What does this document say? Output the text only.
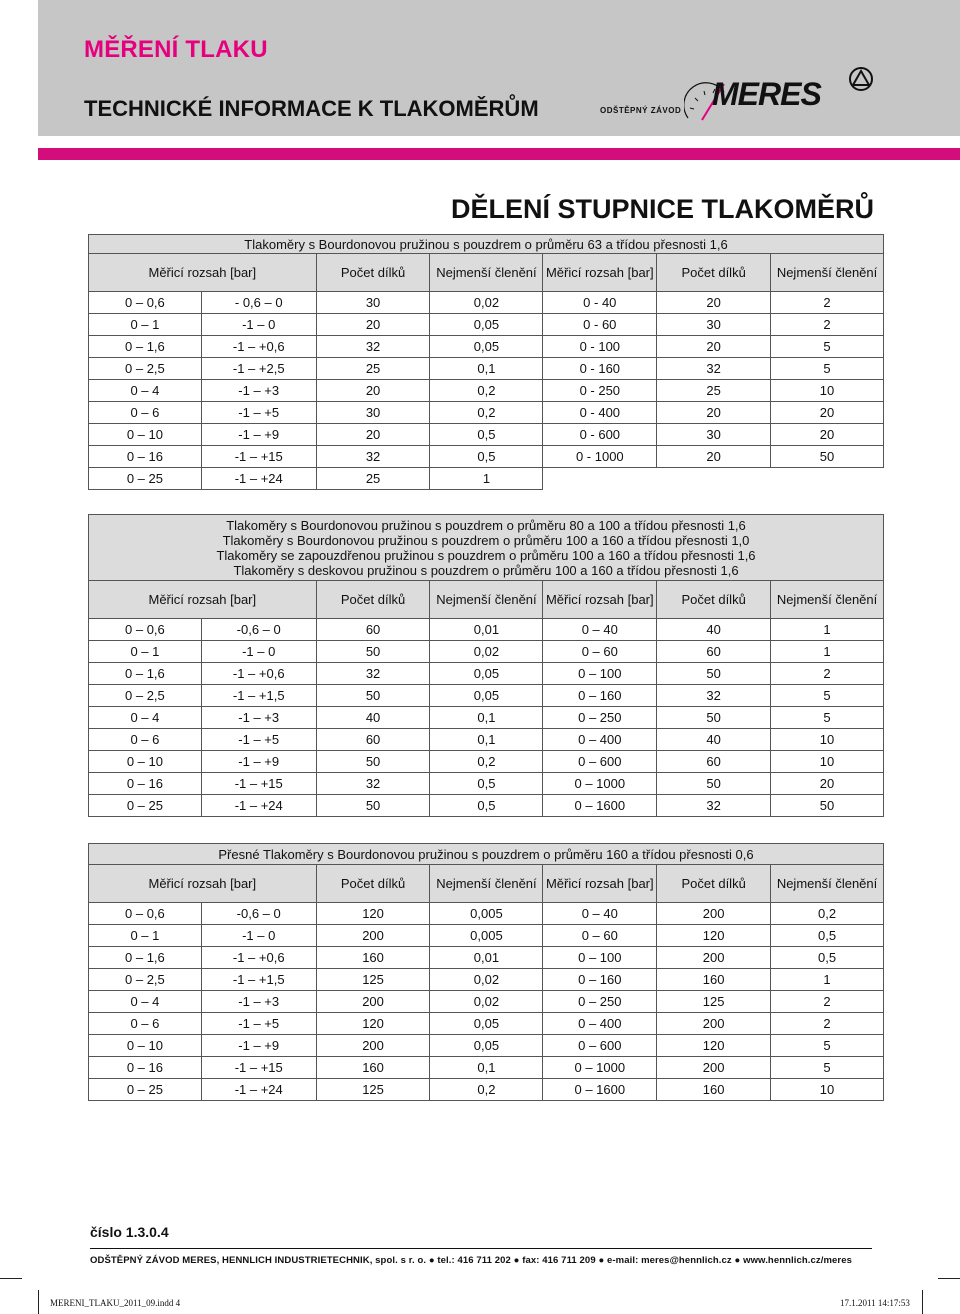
MĚŘENÍ TLAKU
TECHNICKÉ INFORMACE K TLAKOMĚRŮM	ODŠTĚPNÝ ZÁVOD MERES
DĚLENÍ STUPNICE TLAKOMĚRŮ
Tlakoměry s Bourdonovou pružinou s pouzdrem o průměru 63 a třídou přesnosti 1,6						
Měřicí rozsah [bar]		Počet dílků	Nejmenší členění	Měřicí rozsah [bar]	Počet dílků	Nejmenší členění
0 – 0,6	- 0,6 – 0	30	0,02	0 - 40	20	2
0 – 1	-1 – 0	20	0,05	0 - 60	30	2
0 – 1,6	-1 – +0,6	32	0,05	0 - 100	20	5
0 – 2,5	-1 – +2,5	25	0,1	0 - 160	32	5
0 – 4	-1 – +3	20	0,2	0 - 250	25	10
0 – 6	-1 – +5	30	0,2	0 - 400	20	20
0 – 10	-1 – +9	20	0,5	0 - 600	30	20
0 – 16	-1 – +15	32	0,5	0 - 1000	20	50
0 – 25	-1 – +24	25	1			
Tlakoměry s Bourdonovou pružinou s pouzdrem o průměru 80 a 100 a třídou přesnosti 1,6
Tlakoměry s Bourdonovou pružinou s pouzdrem o průměru 100 a 160 a třídou přesnosti 1,0
Tlakoměry se zapouzdřenou pružinou s pouzdrem o průměru 100 a 160 a třídou přesnosti 1,6
Tlakoměry s deskovou pružinou s pouzdrem o průměru 100 a 160 a třídou přesnosti 1,6						

Měřicí rozsah [bar]		Počet dílků	Nejmenší členění	Měřicí rozsah [bar]	Počet dílků	Nejmenší členění
0 – 0,6	-0,6 – 0	60	0,01	0 – 40	40	1
0 – 1	-1 – 0	50	0,02	0 – 60	60	1
0 – 1,6	-1 – +0,6	32	0,05	0 – 100	50	2
0 – 2,5	-1 – +1,5	50	0,05	0 – 160	32	5
0 – 4	-1 – +3	40	0,1	0 – 250	50	5
0 – 6	-1 – +5	60	0,1	0 – 400	40	10
0 – 10	-1 – +9	50	0,2	0 – 600	60	10
0 – 16	-1 – +15	32	0,5	0 – 1000	50	20
0 – 25	-1 – +24	50	0,5	0 – 1600	32	50
Přesné Tlakoměry s Bourdonovou pružinou s pouzdrem o průměru 160 a třídou přesnosti 0,6						
Měřicí rozsah [bar]		Počet dílků	Nejmenší členění	Měřicí rozsah [bar]	Počet dílků	Nejmenší členění
0 – 0,6	-0,6 – 0	120	0,005	0 – 40	200	0,2
0 – 1	-1 – 0	200	0,005	0 – 60	120	0,5
0 – 1,6	-1 – +0,6	160	0,01	0 – 100	200	0,5
0 – 2,5	-1 – +1,5	125	0,02	0 – 160	160	1
0 – 4	-1 – +3	200	0,02	0 – 250	125	2
0 – 6	-1 – +5	120	0,05	0 – 400	200	2
0 – 10	-1 – +9	200	0,05	0 – 600	120	5
0 – 16	-1 – +15	160	0,1	0 – 1000	200	5
0 – 25	-1 – +24	125	0,2	0 – 1600	160	10
číslo 1.3.0.4
ODŠTĚPNÝ ZÁVOD MERES, HENNLICH INDUSTRIETECHNIK, spol. s r. o. ● tel.: 416 711 202 ● fax: 416 711 209 ● e-mail: meres@hennlich.cz ● www.hennlich.cz/meres
MERENI_TLAKU_2011_09.indd 4	17.1.2011 14:17:53
